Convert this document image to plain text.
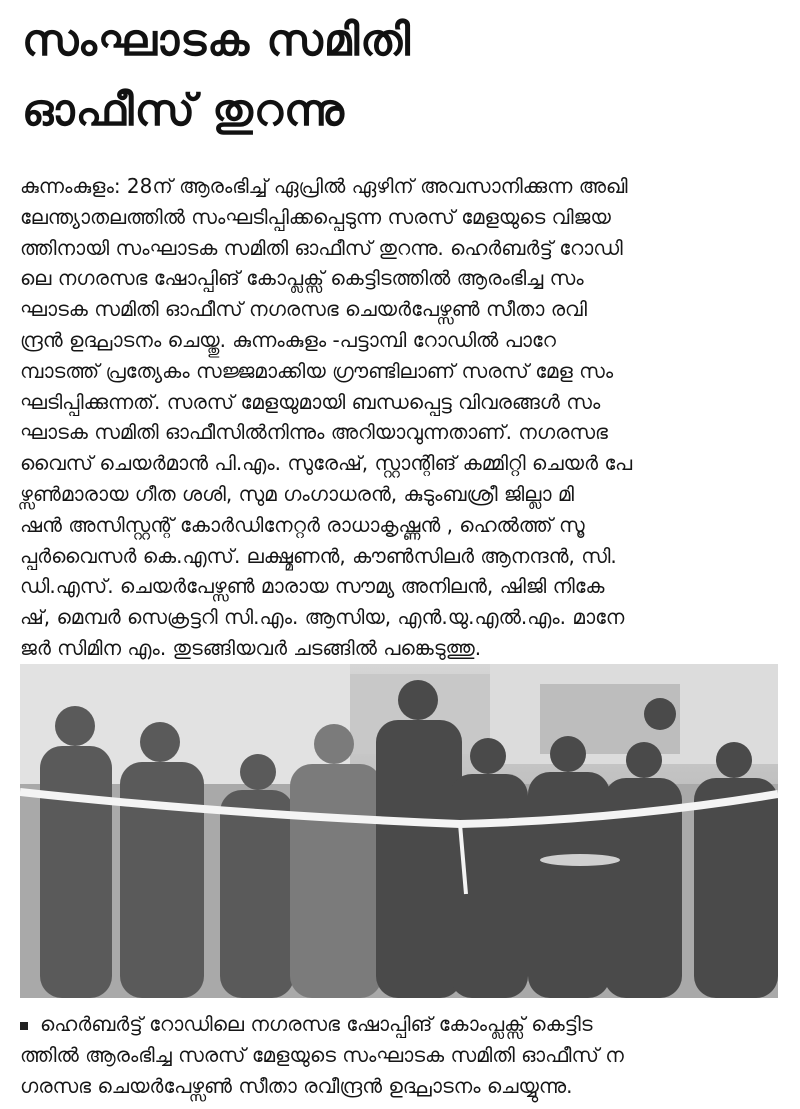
സംഘാടക സമിതി
ഓഫീസ് തുറന്നു
കുന്നംകുളം: 28ന് ആരംഭിച്ച് ഏപ്രിൽ ഏഴിന് അവസാനിക്കുന്ന അഖി
ലേന്ത്യാതലത്തിൽ സംഘടിപ്പിക്കപ്പെടുന്ന സരസ് മേളയുടെ വിജയ
ത്തിനായി സംഘാടക സമിതി ഓഫീസ് തുറന്നു. ഹെർബർട്ട് റോഡി
ലെ നഗരസഭ ഷോപ്പിങ് കോപ്ലക്സ് കെട്ടിടത്തിൽ ആരംഭിച്ച സം
ഘാടക സമിതി ഓഫീസ് നഗരസഭ ചെയർപേഴ്സൺ സീതാ രവി
ന്ദ്രൻ ഉദ്ഘാടനം ചെയ്തു. കുന്നംകുളം -പട്ടാമ്പി റോഡിൽ പാറേ
മ്പാടത്ത് പ്രത്യേകം സജ്ജമാക്കിയ ഗ്രൗണ്ടിലാണ് സരസ് മേള സം
ഘടിപ്പിക്കുന്നത്. സരസ് മേളയുമായി ബന്ധപ്പെട്ട വിവരങ്ങൾ സം
ഘാടക സമിതി ഓഫീസിൽനിന്നും അറിയാവുന്നതാണ്. നഗരസഭ
വൈസ് ചെയർമാൻ പി.എം. സുരേഷ്, സ്റ്റാന്റിങ് കമ്മിറ്റി ചെയർ പേ
ഴ്സൺമാരായ ഗീത ശശി, സുമ ഗംഗാധരൻ, കുടുംബശ്രീ ജില്ലാ മി
ഷൻ അസിസ്റ്റന്റ് കോർഡിനേറ്റർ രാധാകൃഷ്ണൻ , ഹെൽത്ത് സൂ
പ്പർവൈസർ കെ.എസ്. ലക്ഷ്മണൻ, കൗൺസിലർ ആനന്ദൻ, സി.
ഡി.എസ്. ചെയർപേഴ്സൺ മാരായ സൗമ്യ അനിലൻ, ഷിജി നികേ
ഷ്, മെമ്പർ സെക്രട്ടറി സി.എം. ആസിയ, എൻ.യു.എൽ.എം. മാനേ
ജർ സിമിന എം. തുടങ്ങിയവർ ചടങ്ങിൽ പങ്കെടുത്തു.
ഹെർബർട്ട് റോഡിലെ നഗരസഭ ഷോപ്പിങ് കോംപ്ലക്സ് കെട്ടിട
ത്തിൽ ആരംഭിച്ച സരസ് മേളയുടെ സംഘാടക സമിതി ഓഫീസ് ന
ഗരസഭ ചെയർപേഴ്സൺ സീതാ രവീന്ദ്രൻ ഉദ്ഘാടനം ചെയ്യുന്നു.
